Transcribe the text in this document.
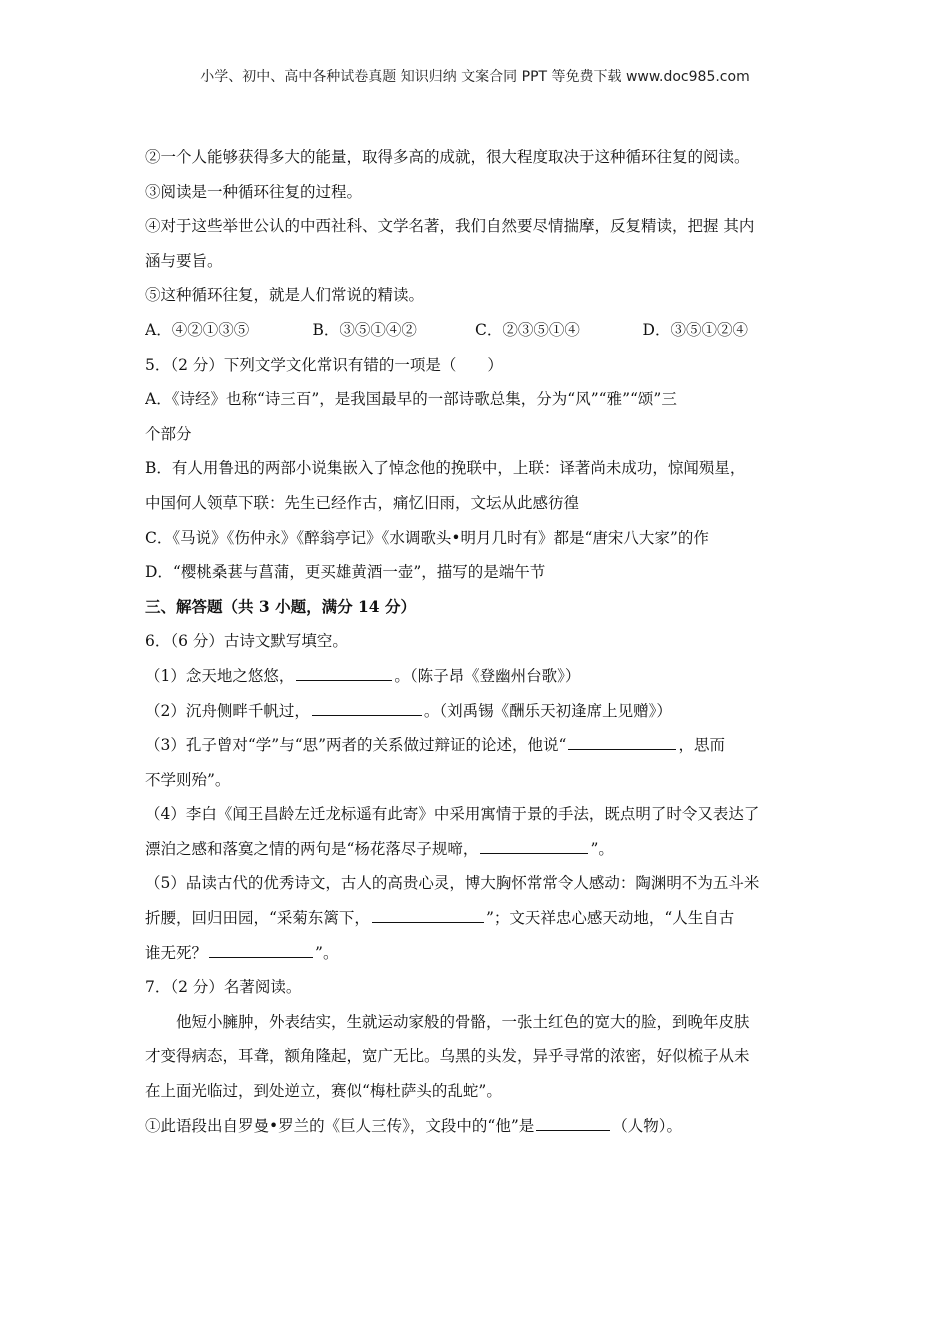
小学、初中、高中各种试卷真题 知识归纳 文案合同 PPT 等免费下载 www.doc985.com
②一个人能够获得多大的能量，取得多高的成就，很大程度取决于这种循环往复的阅读。
③阅读是一种循环往复的过程。
④对于这些举世公认的中西社科、文学名著，我们自然要尽情揣摩，反复精读，把握 其内
涵与要旨。
⑤这种循环往复，就是人们常说的精读。
A．④②①③⑤	B．③⑤①④②	C．②③⑤①④	D．③⑤①②④
5．（2 分）下列文学文化常识有错的一项是（　　）
A．《诗经》也称“诗三百”，是我国最早的一部诗歌总集，分为“风”“雅”“颂”三
个部分
B．有人用鲁迅的两部小说集嵌入了悼念他的挽联中，上联：译著尚未成功，惊闻殒星，
中国何人领草下联：先生已经作古，痛忆旧雨，文坛从此感彷徨
C．《马说》《伤仲永》《醉翁亭记》《水调歌头•明月几时有》都是“唐宋八大家”的作
D．“樱桃桑葚与菖蒲，更买雄黄酒一壶”，描写的是端午节
三、解答题（共 3 小题，满分 14 分）
6．（6 分）古诗文默写填空。
（1）念天地之悠悠，	。（陈子昂《登幽州台歌》）
（2）沉舟侧畔千帆过，	。（刘禹锡《酬乐天初逢席上见赠》）
（3）孔子曾对“学”与“思”两者的关系做过辩证的论述，他说“	，思而
不学则殆”。
（4）李白《闻王昌龄左迁龙标遥有此寄》中采用寓情于景的手法，既点明了时令又表达了
漂泊之感和落寞之情的两句是“杨花落尽子规啼，	”。
（5）品读古代的优秀诗文，古人的高贵心灵，博大胸怀常常令人感动：陶渊明不为五斗米
折腰，回归田园，“采菊东篱下，	”；文天祥忠心感天动地，“人生自古
谁无死？	”。
7．（2 分）名著阅读。
他短小臃肿，外表结实，生就运动家般的骨骼，一张土红色的宽大的脸，到晚年皮肤
才变得病态，耳聋，额角隆起，宽广无比。乌黑的头发，异乎寻常的浓密，好似梳子从未
在上面光临过，到处逆立，赛似“梅杜萨头的乱蛇”。
①此语段出自罗曼•罗兰的《巨人三传》，文段中的“他”是	（人物）。
